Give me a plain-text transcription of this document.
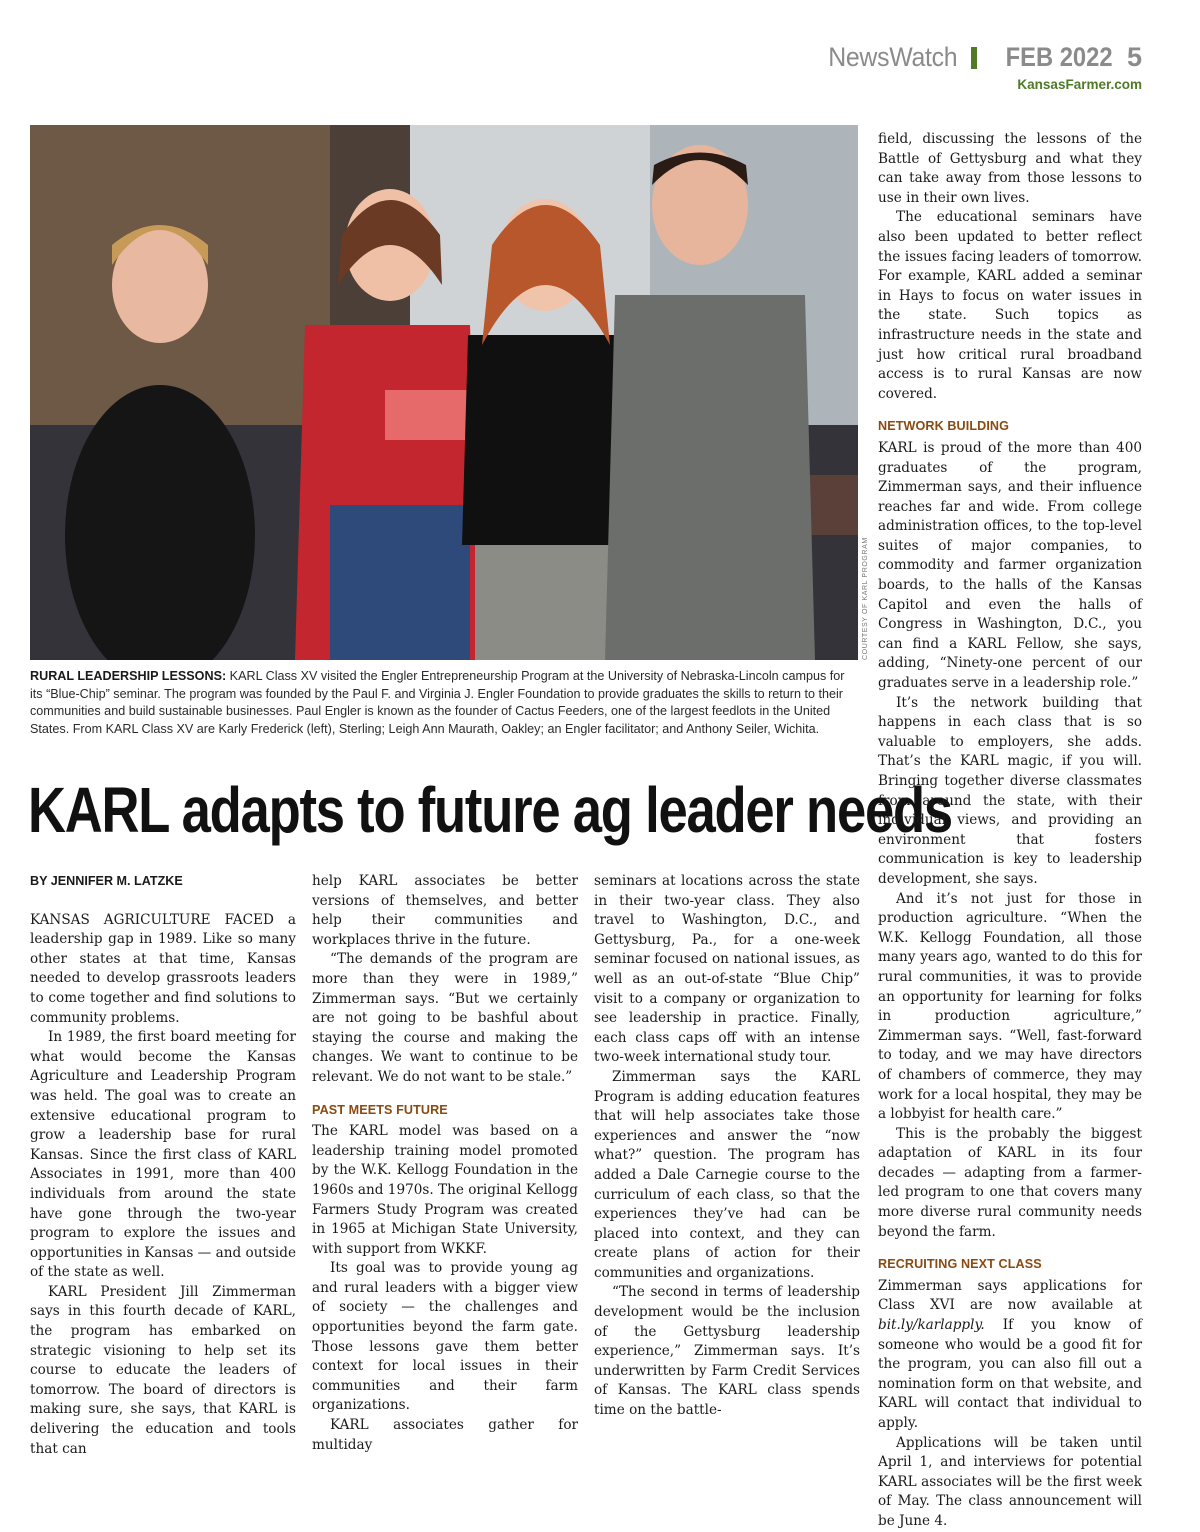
NewsWatch FEB 2022 5
KansasFarmer.com
COURTESY OF KARL PROGRAM
RURAL LEADERSHIP LESSONS: KARL Class XV visited the Engler Entrepreneurship Program at the University of Nebraska-Lincoln campus for its “Blue-Chip” seminar. The program was founded by the Paul F. and Virginia J. Engler Foundation to provide graduates the skills to return to their communities and build sustainable businesses. Paul Engler is known as the founder of Cactus Feeders, one of the largest feedlots in the United States. From KARL Class XV are Karly Frederick (left), Sterling; Leigh Ann Maurath, Oakley; an Engler facilitator; and Anthony Seiler, Wichita.
KARL adapts to future ag leader needs

BY JENNIFER M. LATZKE

KANSAS AGRICULTURE FACED a leadership gap in 1989. Like so many other states at that time, Kansas needed to develop grassroots leaders to come together and find solutions to community problems.

In 1989, the first board meeting for what would become the Kansas Agriculture and Leadership Program was held. The goal was to create an extensive educational program to grow a leadership base for rural Kansas. Since the first class of KARL Associates in 1991, more than 400 individuals from around the state have gone through the two-year program to explore the issues and opportunities in Kansas — and outside of the state as well.

KARL President Jill Zimmerman says in this fourth decade of KARL, the program has embarked on strategic visioning to help set its course to educate the leaders of tomorrow. The board of directors is making sure, she says, that KARL is delivering the education and tools that can

help KARL associates be better versions of themselves, and better help their communities and workplaces thrive in the future.

“The demands of the program are more than they were in 1989,” Zimmerman says. “But we certainly are not going to be bashful about staying the course and making the changes. We want to continue to be relevant. We do not want to be stale.”

PAST MEETS FUTURE

The KARL model was based on a leadership training model promoted by the W.K. Kellogg Foundation in the 1960s and 1970s. The original Kellogg Farmers Study Program was created in 1965 at Michigan State University, with support from WKKF.

Its goal was to provide young ag and rural leaders with a bigger view of society — the challenges and opportunities beyond the farm gate. Those lessons gave them better context for local issues in their communities and their farm organizations.

KARL associates gather for multiday

seminars at locations across the state in their two-year class. They also travel to Washington, D.C., and Gettysburg, Pa., for a one-week seminar focused on national issues, as well as an out-of-state “Blue Chip” visit to a company or organization to see leadership in practice. Finally, each class caps off with an intense two-week international study tour.

Zimmerman says the KARL Program is adding education features that will help associates take those experiences and answer the “now what?” question. The program has added a Dale Carnegie course to the curriculum of each class, so that the experiences they’ve had can be placed into context, and they can create plans of action for their communities and organizations.

“The second in terms of leadership development would be the inclusion of the Gettysburg leadership experience,” Zimmerman says. It’s underwritten by Farm Credit Services of Kansas. The KARL class spends time on the battle-

field, discussing the lessons of the Battle of Gettysburg and what they can take away from those lessons to use in their own lives.

The educational seminars have also been updated to better reflect the issues facing leaders of tomorrow. For example, KARL added a seminar in Hays to focus on water issues in the state. Such topics as infrastructure needs in the state and just how critical rural broadband access is to rural Kansas are now covered.

NETWORK BUILDING

KARL is proud of the more than 400 graduates of the program, Zimmerman says, and their influence reaches far and wide. From college administration offices, to the top-level suites of major companies, to commodity and farmer organization boards, to the halls of the Kansas Capitol and even the halls of Congress in Washington, D.C., you can find a KARL Fellow, she says, adding, “Ninety-one percent of our graduates serve in a leadership role.”

It’s the network building that happens in each class that is so valuable to employers, she adds. That’s the KARL magic, if you will. Bringing together diverse classmates from around the state, with their individual views, and providing an environment that fosters communication is key to leadership development, she says.

And it’s not just for those in production agriculture. “When the W.K. Kellogg Foundation, all those many years ago, wanted to do this for rural communities, it was to provide an opportunity for learning for folks in production agriculture,” Zimmerman says. “Well, fast-forward to today, and we may have directors of chambers of commerce, they may work for a local hospital, they may be a lobbyist for health care.”

This is the probably the biggest adaptation of KARL in its four decades — adapting from a farmer-led program to one that covers many more diverse rural community needs beyond the farm.

RECRUITING NEXT CLASS

Zimmerman says applications for Class XVI are now available at bit.ly/karlapply. If you know of someone who would be a good fit for the program, you can also fill out a nomination form on that website, and KARL will contact that individual to apply.

Applications will be taken until April 1, and interviews for potential KARL associates will be the first week of May. The class announcement will be June 4.
